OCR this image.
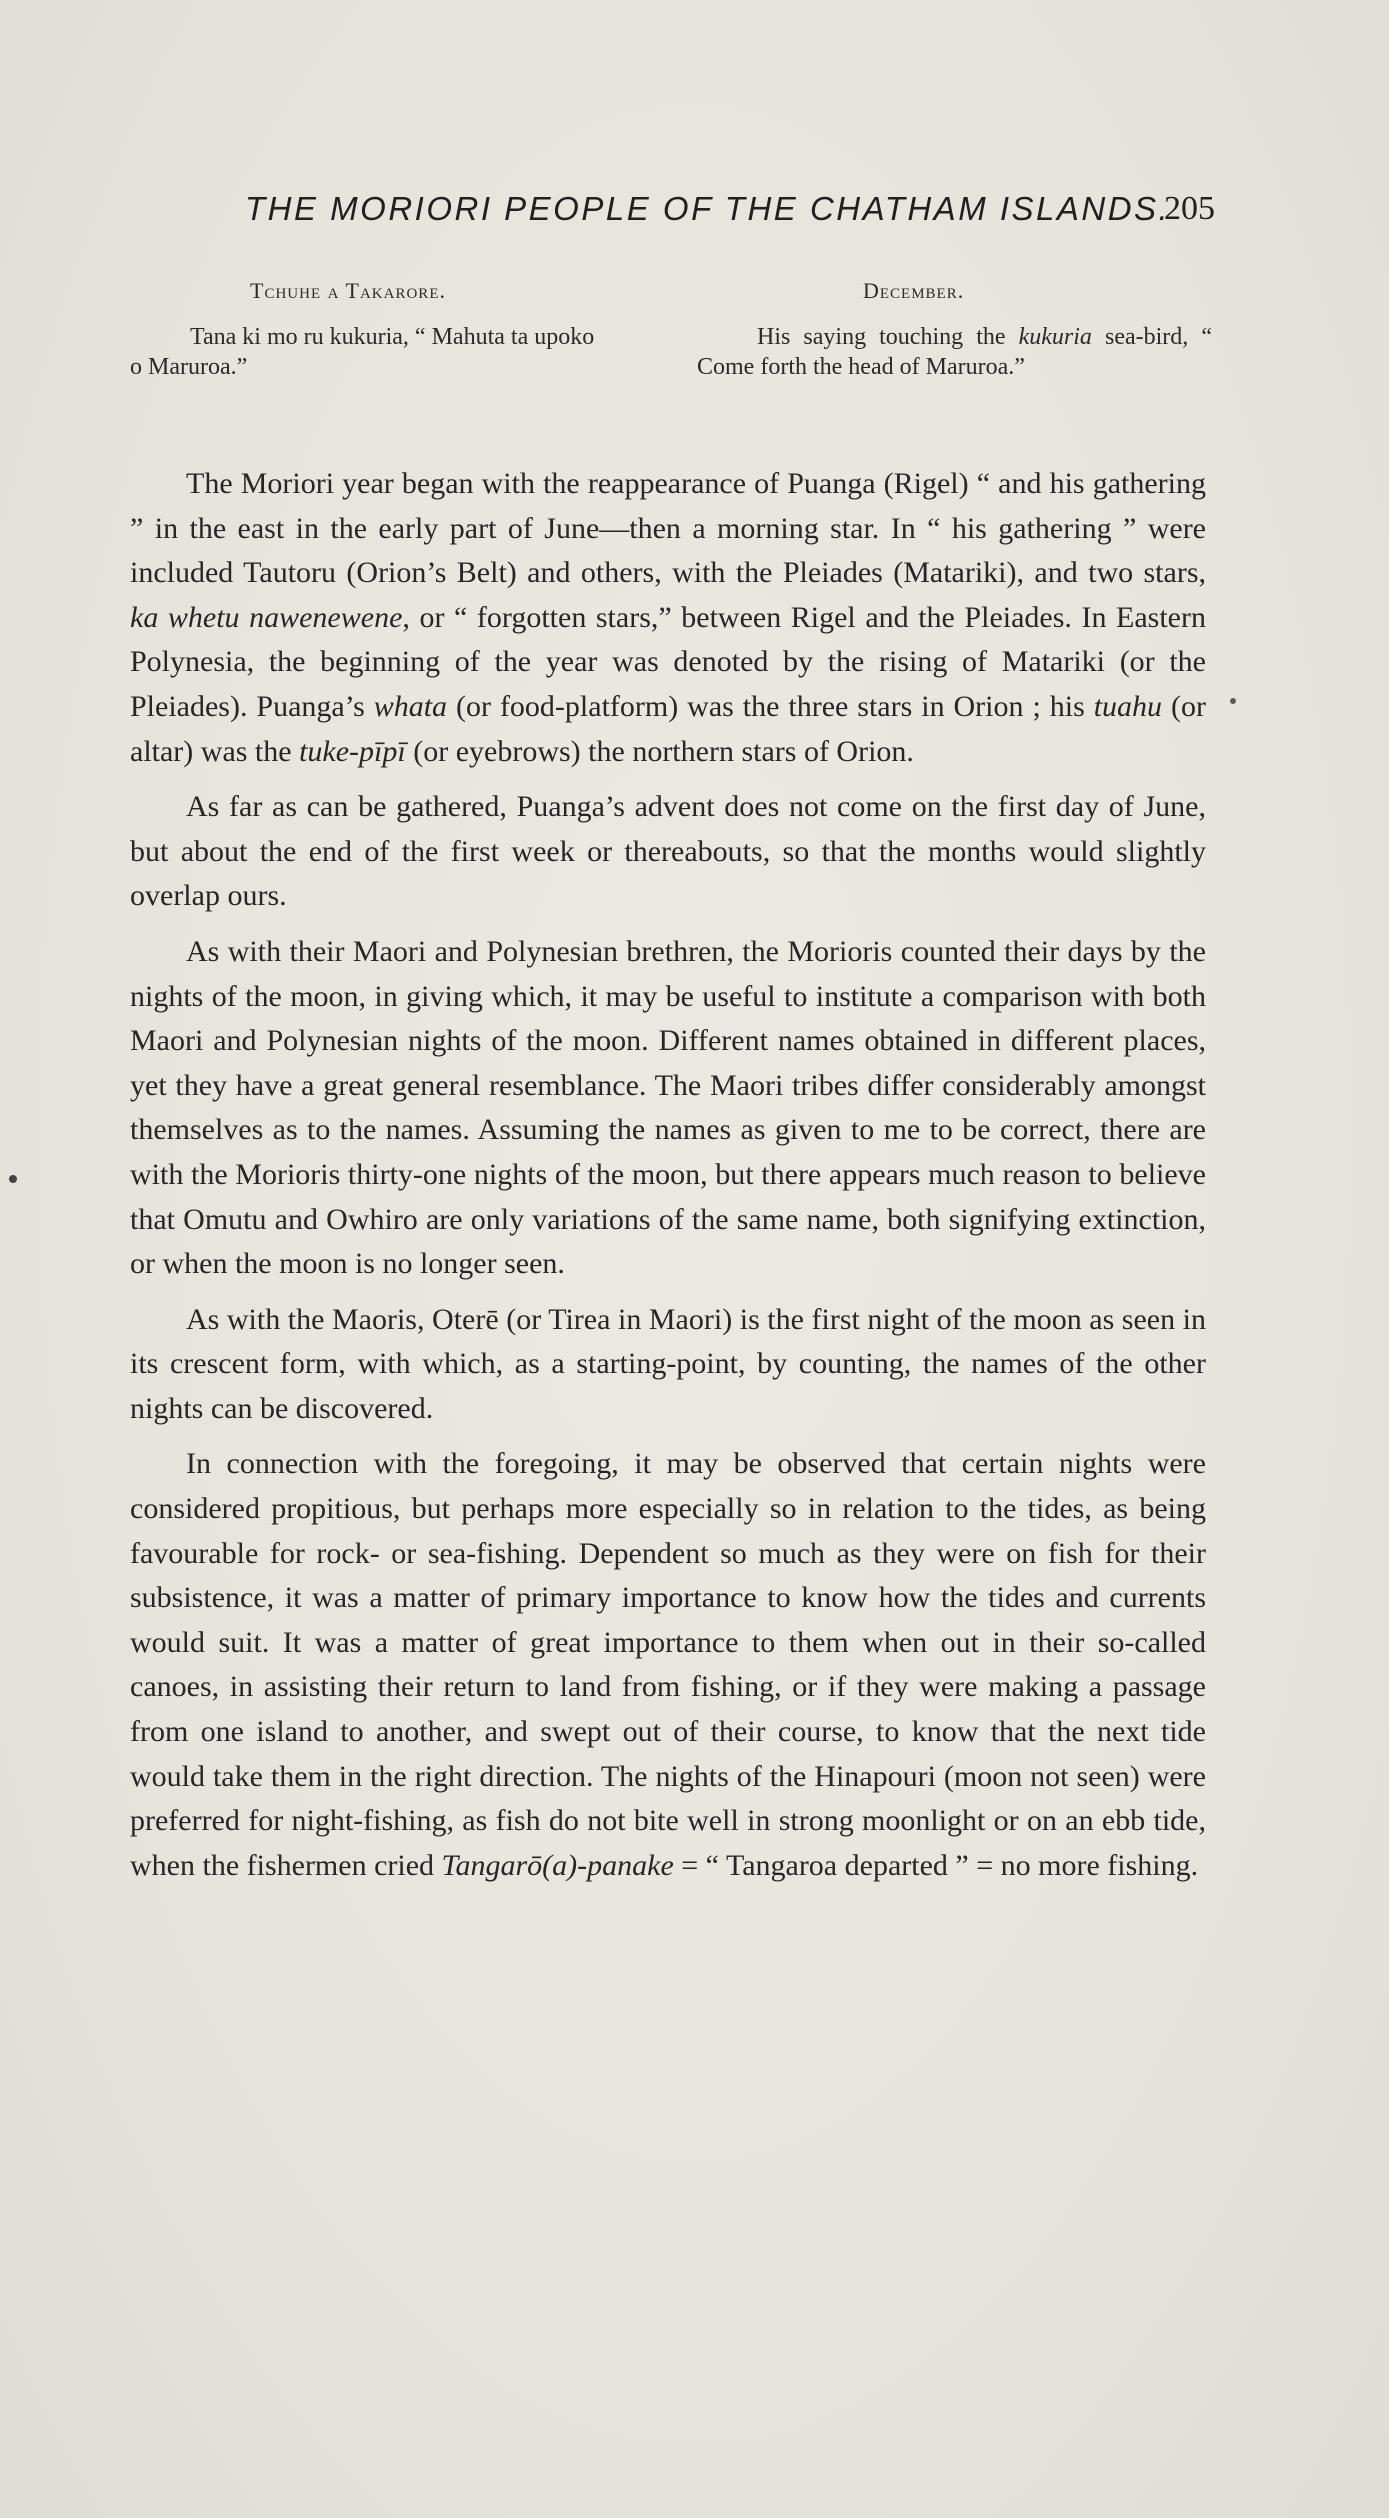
THE MORIORI PEOPLE OF THE CHATHAM ISLANDS.
205
Tchuhe a Takarore.	December.
Tana ki mo ru kukuria, “ Mahuta ta upoko o Maruroa.”
His saying touching the kukuria sea-bird, “ Come forth the head of Maruroa.”

The Moriori year began with the reappearance of Puanga (Rigel) “ and his gathering ” in the east in the early part of June—then a morning star. In “ his gathering ” were included Tautoru (Orion’s Belt) and others, with the Pleiades (Matariki), and two stars, ka whetu nawenewene, or “ forgotten stars,” between Rigel and the Pleiades. In Eastern Polynesia, the beginning of the year was denoted by the rising of Matariki (or the Pleiades). Puanga’s whata (or food-platform) was the three stars in Orion ; his tuahu (or altar) was the tuke-pīpī (or eyebrows) the northern stars of Orion.

As far as can be gathered, Puanga’s advent does not come on the first day of June, but about the end of the first week or thereabouts, so that the months would slightly overlap ours.

As with their Maori and Polynesian brethren, the Morioris counted their days by the nights of the moon, in giving which, it may be useful to institute a comparison with both Maori and Polynesian nights of the moon. Different names obtained in different places, yet they have a great general resemblance. The Maori tribes differ considerably amongst themselves as to the names. Assuming the names as given to me to be correct, there are with the Morioris thirty-one nights of the moon, but there appears much reason to believe that Omutu and Owhiro are only variations of the same name, both signifying extinction, or when the moon is no longer seen.

As with the Maoris, Oterē (or Tirea in Maori) is the first night of the moon as seen in its crescent form, with which, as a starting-point, by counting, the names of the other nights can be discovered.

In connection with the foregoing, it may be observed that certain nights were considered propitious, but perhaps more especially so in relation to the tides, as being favourable for rock- or sea-fishing. Dependent so much as they were on fish for their subsistence, it was a matter of primary importance to know how the tides and currents would suit. It was a matter of great importance to them when out in their so-called canoes, in assisting their return to land from fishing, or if they were making a passage from one island to another, and swept out of their course, to know that the next tide would take them in the right direction. The nights of the Hinapouri (moon not seen) were preferred for night-fishing, as fish do not bite well in strong moonlight or on an ebb tide, when the fishermen cried Tangarō(a)-panake = “ Tangaroa departed ” = no more fishing.
